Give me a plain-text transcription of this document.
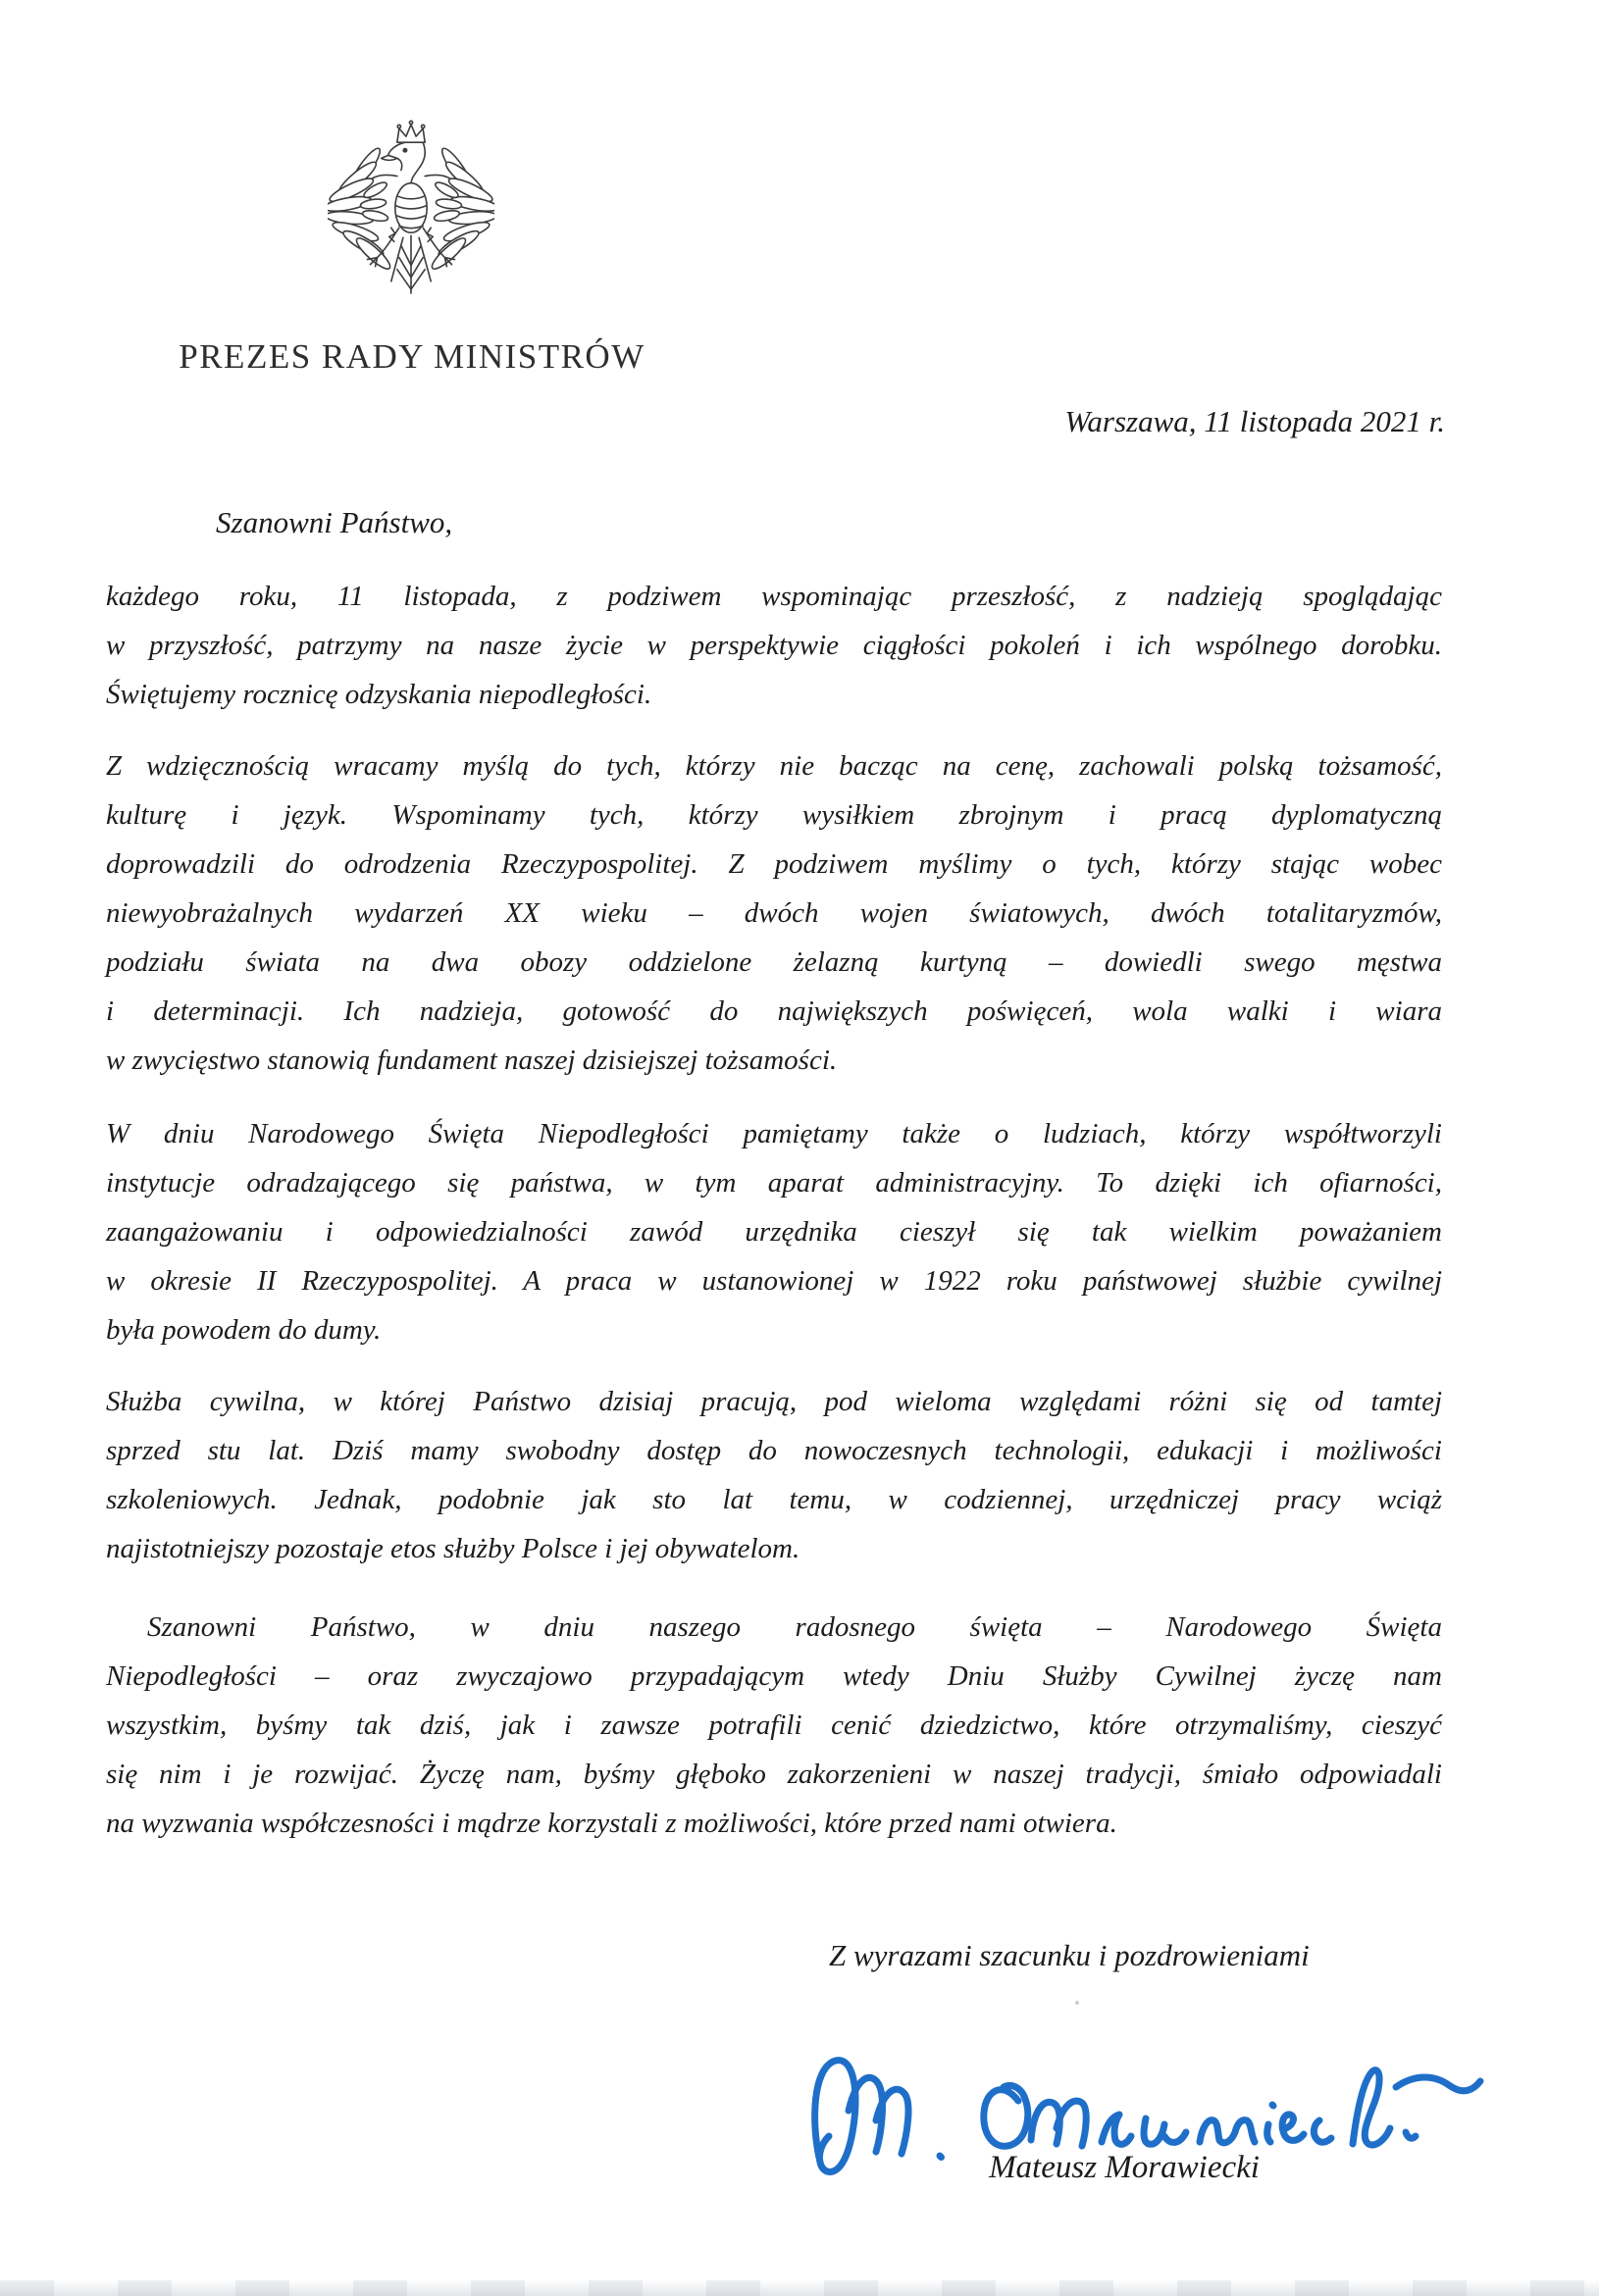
PREZES RADY MINISTRÓW
Warszawa, 11 listopada 2021 r.
Szanowni Państwo,
każdego roku, 11 listopada, z podziwem wspominając przeszłość, z nadzieją spoglądając
w przyszłość, patrzymy na nasze życie w perspektywie ciągłości pokoleń i ich wspólnego dorobku.
Świętujemy rocznicę odzyskania niepodległości.
Z wdzięcznością wracamy myślą do tych, którzy nie bacząc na cenę, zachowali polską tożsamość,
kulturę i język. Wspominamy tych, którzy wysiłkiem zbrojnym i pracą dyplomatyczną
doprowadzili do odrodzenia Rzeczypospolitej. Z podziwem myślimy o tych, którzy stając wobec
niewyobrażalnych wydarzeń XX wieku – dwóch wojen światowych, dwóch totalitaryzmów,
podziału świata na dwa obozy oddzielone żelazną kurtyną – dowiedli swego męstwa
i determinacji. Ich nadzieja, gotowość do największych poświęceń, wola walki i wiara
w zwycięstwo stanowią fundament naszej dzisiejszej tożsamości.
W dniu Narodowego Święta Niepodległości pamiętamy także o ludziach, którzy współtworzyli
instytucje odradzającego się państwa, w tym aparat administracyjny. To dzięki ich ofiarności,
zaangażowaniu i odpowiedzialności zawód urzędnika cieszył się tak wielkim poważaniem
w okresie II Rzeczypospolitej. A praca w ustanowionej w 1922 roku państwowej służbie cywilnej
była powodem do dumy.
Służba cywilna, w której Państwo dzisiaj pracują, pod wieloma względami różni się od tamtej
sprzed stu lat. Dziś mamy swobodny dostęp do nowoczesnych technologii, edukacji i możliwości
szkoleniowych. Jednak, podobnie jak sto lat temu, w codziennej, urzędniczej pracy wciąż
najistotniejszy pozostaje etos służby Polsce i jej obywatelom.
Szanowni Państwo, w dniu naszego radosnego święta – Narodowego Święta
Niepodległości – oraz zwyczajowo przypadającym wtedy Dniu Służby Cywilnej życzę nam
wszystkim, byśmy tak dziś, jak i zawsze potrafili cenić dziedzictwo, które otrzymaliśmy, cieszyć
się nim i je rozwijać. Życzę nam, byśmy głęboko zakorzenieni w naszej tradycji, śmiało odpowiadali
na wyzwania współczesności i mądrze korzystali z możliwości, które przed nami otwiera.
Z wyrazami szacunku i pozdrowieniami
Mateusz Morawiecki
